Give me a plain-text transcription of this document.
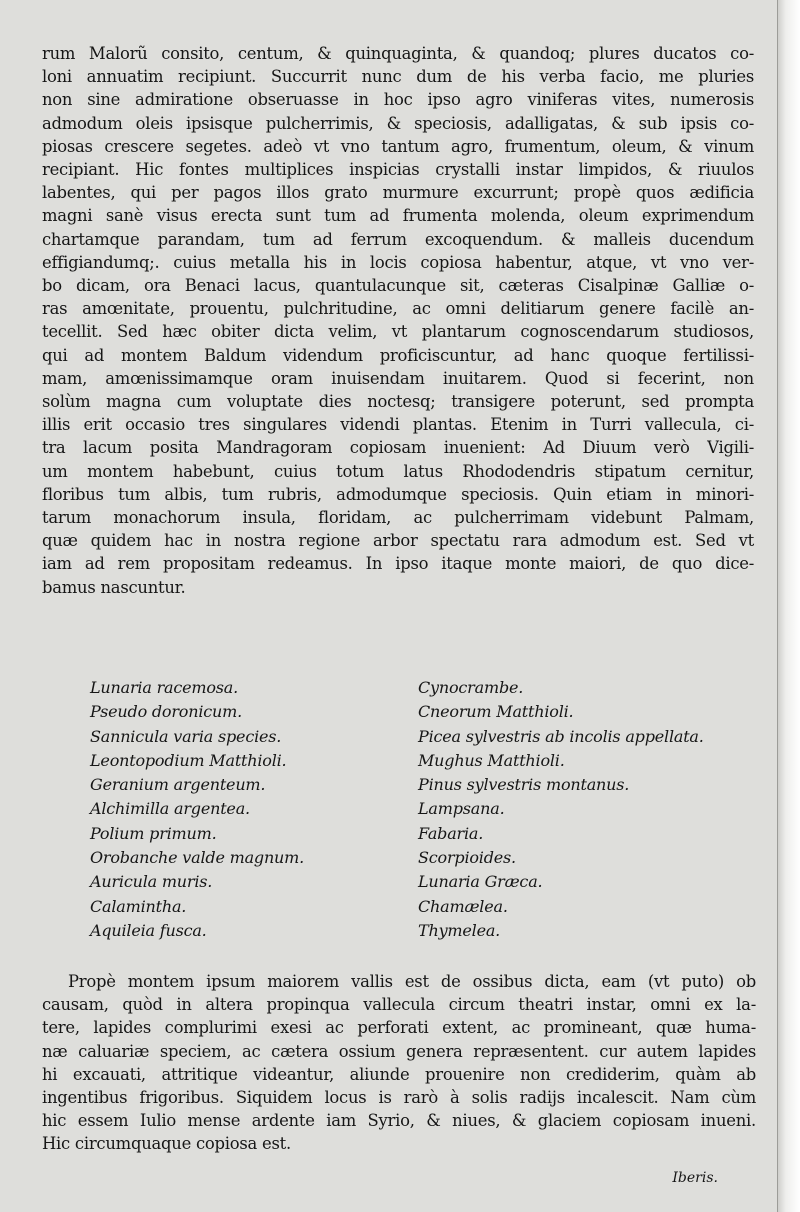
rum Malorũ consito, centum, & quinquaginta, & quandoq; plures ducatos co-
loni annuatim recipiunt. Succurrit nunc dum de his verba facio, me pluries
non sine admiratione obseruasse in hoc ipso agro viniferas vites, numerosis
admodum oleis ipsisque pulcherrimis, & speciosis, adalligatas, & sub ipsis co-
piosas crescere segetes. adeò vt vno tantum agro, frumentum, oleum, & vinum
recipiant. Hic fontes multiplices inspicias crystalli instar limpidos, & riuulos
labentes, qui per pagos illos grato murmure excurrunt; propè quos ædificia
magni sanè visus erecta sunt tum ad frumenta molenda, oleum exprimendum
chartamque parandam, tum ad ferrum excoquendum. & malleis ducendum
effigiandumq;. cuius metalla his in locis copiosa habentur, atque, vt vno ver-
bo dicam, ora Benaci lacus, quantulacunque sit, cæteras Cisalpinæ Galliæ o-
ras amœnitate, prouentu, pulchritudine, ac omni delitiarum genere facilè an-
tecellit. Sed hæc obiter dicta velim, vt plantarum cognoscendarum studiosos,
qui ad montem Baldum videndum proficiscuntur, ad hanc quoque fertilissi-
mam, amœnissimamque oram inuisendam inuitarem. Quod si fecerint, non
solùm magna cum voluptate dies noctesq; transigere poterunt, sed prompta
illis erit occasio tres singulares videndi plantas. Etenim in Turri vallecula, ci-
tra lacum posita Mandragoram copiosam inuenient: Ad Diuum verò Vigili-
um montem habebunt, cuius totum latus Rhododendris stipatum cernitur,
floribus tum albis, tum rubris, admodumque speciosis. Quin etiam in minori-
tarum monachorum insula, floridam, ac pulcherrimam videbunt Palmam,
quæ quidem hac in nostra regione arbor spectatu rara admodum est. Sed vt
iam ad rem propositam redeamus. In ipso itaque monte maiori, de quo dice-
bamus nascuntur.
Lunaria racemosa.
Pseudo doronicum.
Sannicula varia species.
Leontopodium Matthioli.
Geranium argenteum.
Alchimilla argentea.
Polium primum.
Orobanche valde magnum.
Auricula muris.
Calamintha.
Aquileia fusca.
Cynocrambe.
Cneorum Matthioli.
Picea sylvestris ab incolis appellata.
Mughus Matthioli.
Pinus sylvestris montanus.
Lampsana.
Fabaria.
Scorpioides.
Lunaria Græca.
Chamælea.
Thymelea.
Propè montem ipsum maiorem vallis est de ossibus dicta, eam (vt puto) ob
causam, quòd in altera propinqua vallecula circum theatri instar, omni ex la-
tere, lapides complurimi exesi ac perforati extent, ac promineant, quæ huma-
næ caluariæ speciem, ac cætera ossium genera repræsentent. cur autem lapides
hi excauati, attritique videantur, aliunde prouenire non crediderim, quàm ab
ingentibus frigoribus. Siquidem locus is rarò à solis radijs incalescit. Nam cùm
hic essem Iulio mense ardente iam Syrio, & niues, & glaciem copiosam inueni.
Hic circumquaque copiosa est.
Iberis.
